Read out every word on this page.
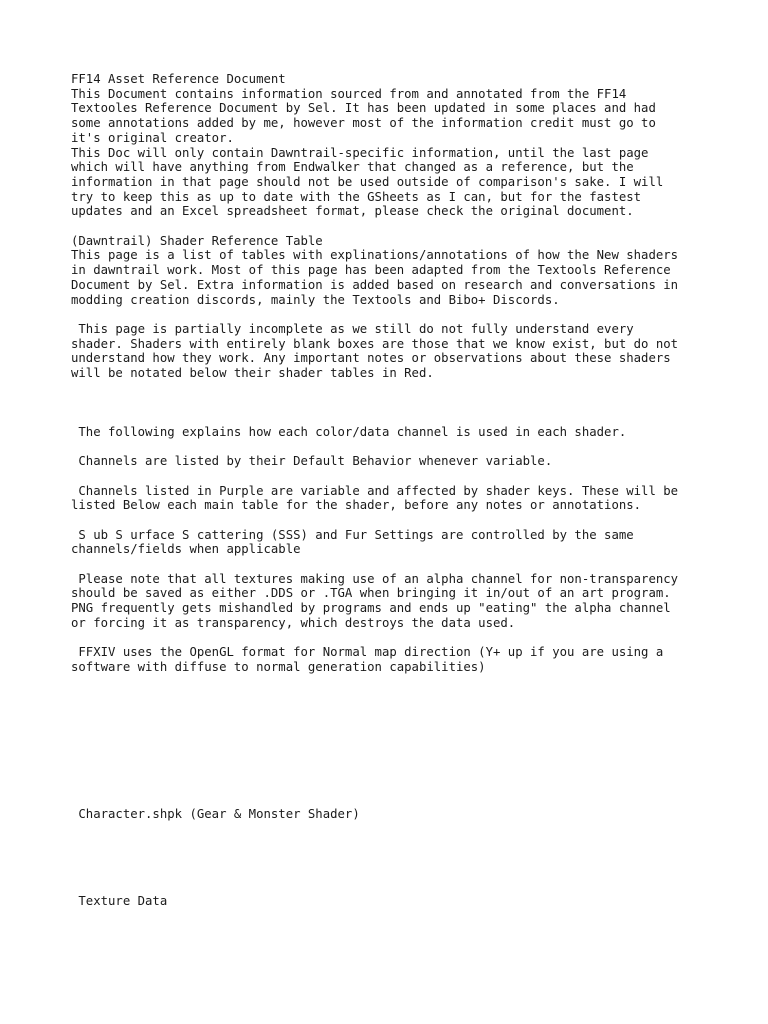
FF14 Asset Reference Document

This Document contains information sourced from and annotated from the FF14
Textooles Reference Document by Sel. It has been updated in some places and had
some annotations added by me, however most of the information credit must go to
it's original creator.

This Doc will only contain Dawntrail-specific information, until the last page
which will have anything from Endwalker that changed as a reference, but the
information in that page should not be used outside of comparison's sake. I will
try to keep this as up to date with the GSheets as I can, but for the fastest
updates and an Excel spreadsheet format, please check the original document.

(Dawntrail) Shader Reference Table

This page is a list of tables with explinations/annotations of how the New shaders
in dawntrail work. Most of this page has been adapted from the Textools Reference
Document by Sel. Extra information is added based on research and conversations in
modding creation discords, mainly the Textools and Bibo+ Discords.

This page is partially incomplete as we still do not fully understand every
shader. Shaders with entirely blank boxes are those that we know exist, but do not
understand how they work. Any important notes or observations about these shaders
will be notated below their shader tables in Red.

The following explains how each color/data channel is used in each shader.

Channels are listed by their Default Behavior whenever variable.

Channels listed in Purple are variable and affected by shader keys. These will be
listed Below each main table for the shader, before any notes or annotations.

S ub S urface S cattering (SSS) and Fur Settings are controlled by the same
channels/fields when applicable

Please note that all textures making use of an alpha channel for non-transparency
should be saved as either .DDS or .TGA when bringing it in/out of an art program.
PNG frequently gets mishandled by programs and ends up "eating" the alpha channel
or forcing it as transparency, which destroys the data used.

FFXIV uses the OpenGL format for Normal map direction (Y+ up if you are using a
software with diffuse to normal generation capabilities)

Character.shpk (Gear & Monster Shader)

Texture Data
